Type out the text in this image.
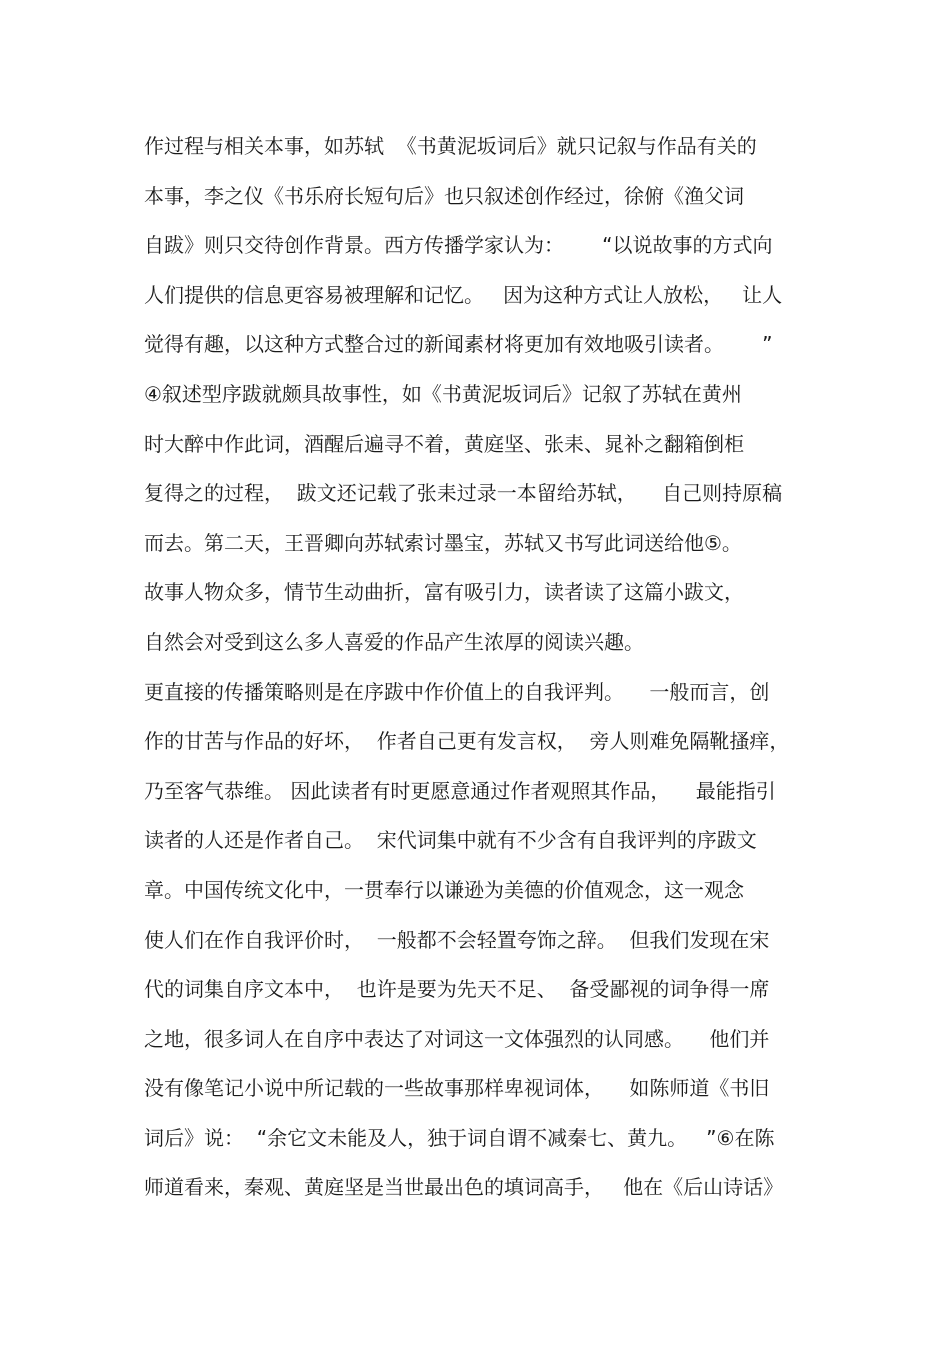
作过程与相关本事，如苏轼  《书黄泥坂词后》就只记叙与作品有关的
本事，李之仪《书乐府长短句后》也只叙述创作经过，徐俯《渔父词
自跋》则只交待创作背景。西方传播学家认为：      “以说故事的方式向
人们提供的信息更容易被理解和记忆。   因为这种方式让人放松，   让人
觉得有趣，以这种方式整合过的新闻素材将更加有效地吸引读者。      ”
④叙述型序跋就颇具故事性，如《书黄泥坂词后》记叙了苏轼在黄州
时大醉中作此词，酒醒后遍寻不着，黄庭坚、张耒、晁补之翻箱倒柜
复得之的过程，  跋文还记载了张耒过录一本留给苏轼，    自己则持原稿
而去。第二天，王晋卿向苏轼索讨墨宝，苏轼又书写此词送给他⑤。
故事人物众多，情节生动曲折，富有吸引力，读者读了这篇小跋文，
自然会对受到这么多人喜爱的作品产生浓厚的阅读兴趣。
更直接的传播策略则是在序跋中作价值上的自我评判。    一般而言，创
作的甘苦与作品的好坏，  作者自己更有发言权，  旁人则难免隔靴搔痒，
乃至客气恭维。 因此读者有时更愿意通过作者观照其作品，    最能指引
读者的人还是作者自己。  宋代词集中就有不少含有自我评判的序跋文
章。中国传统文化中，一贯奉行以谦逊为美德的价值观念，这一观念
使人们在作自我评价时，  一般都不会轻置夸饰之辞。  但我们发现在宋
代的词集自序文本中，  也许是要为先天不足、  备受鄙视的词争得一席
之地，很多词人在自序中表达了对词这一文体强烈的认同感。    他们并
没有像笔记小说中所记载的一些故事那样卑视词体，    如陈师道《书旧
词后》说：  “余它文未能及人，独于词自谓不减秦七、黄九。   ”⑥在陈
师道看来，秦观、黄庭坚是当世最出色的填词高手，   他在《后山诗话》
